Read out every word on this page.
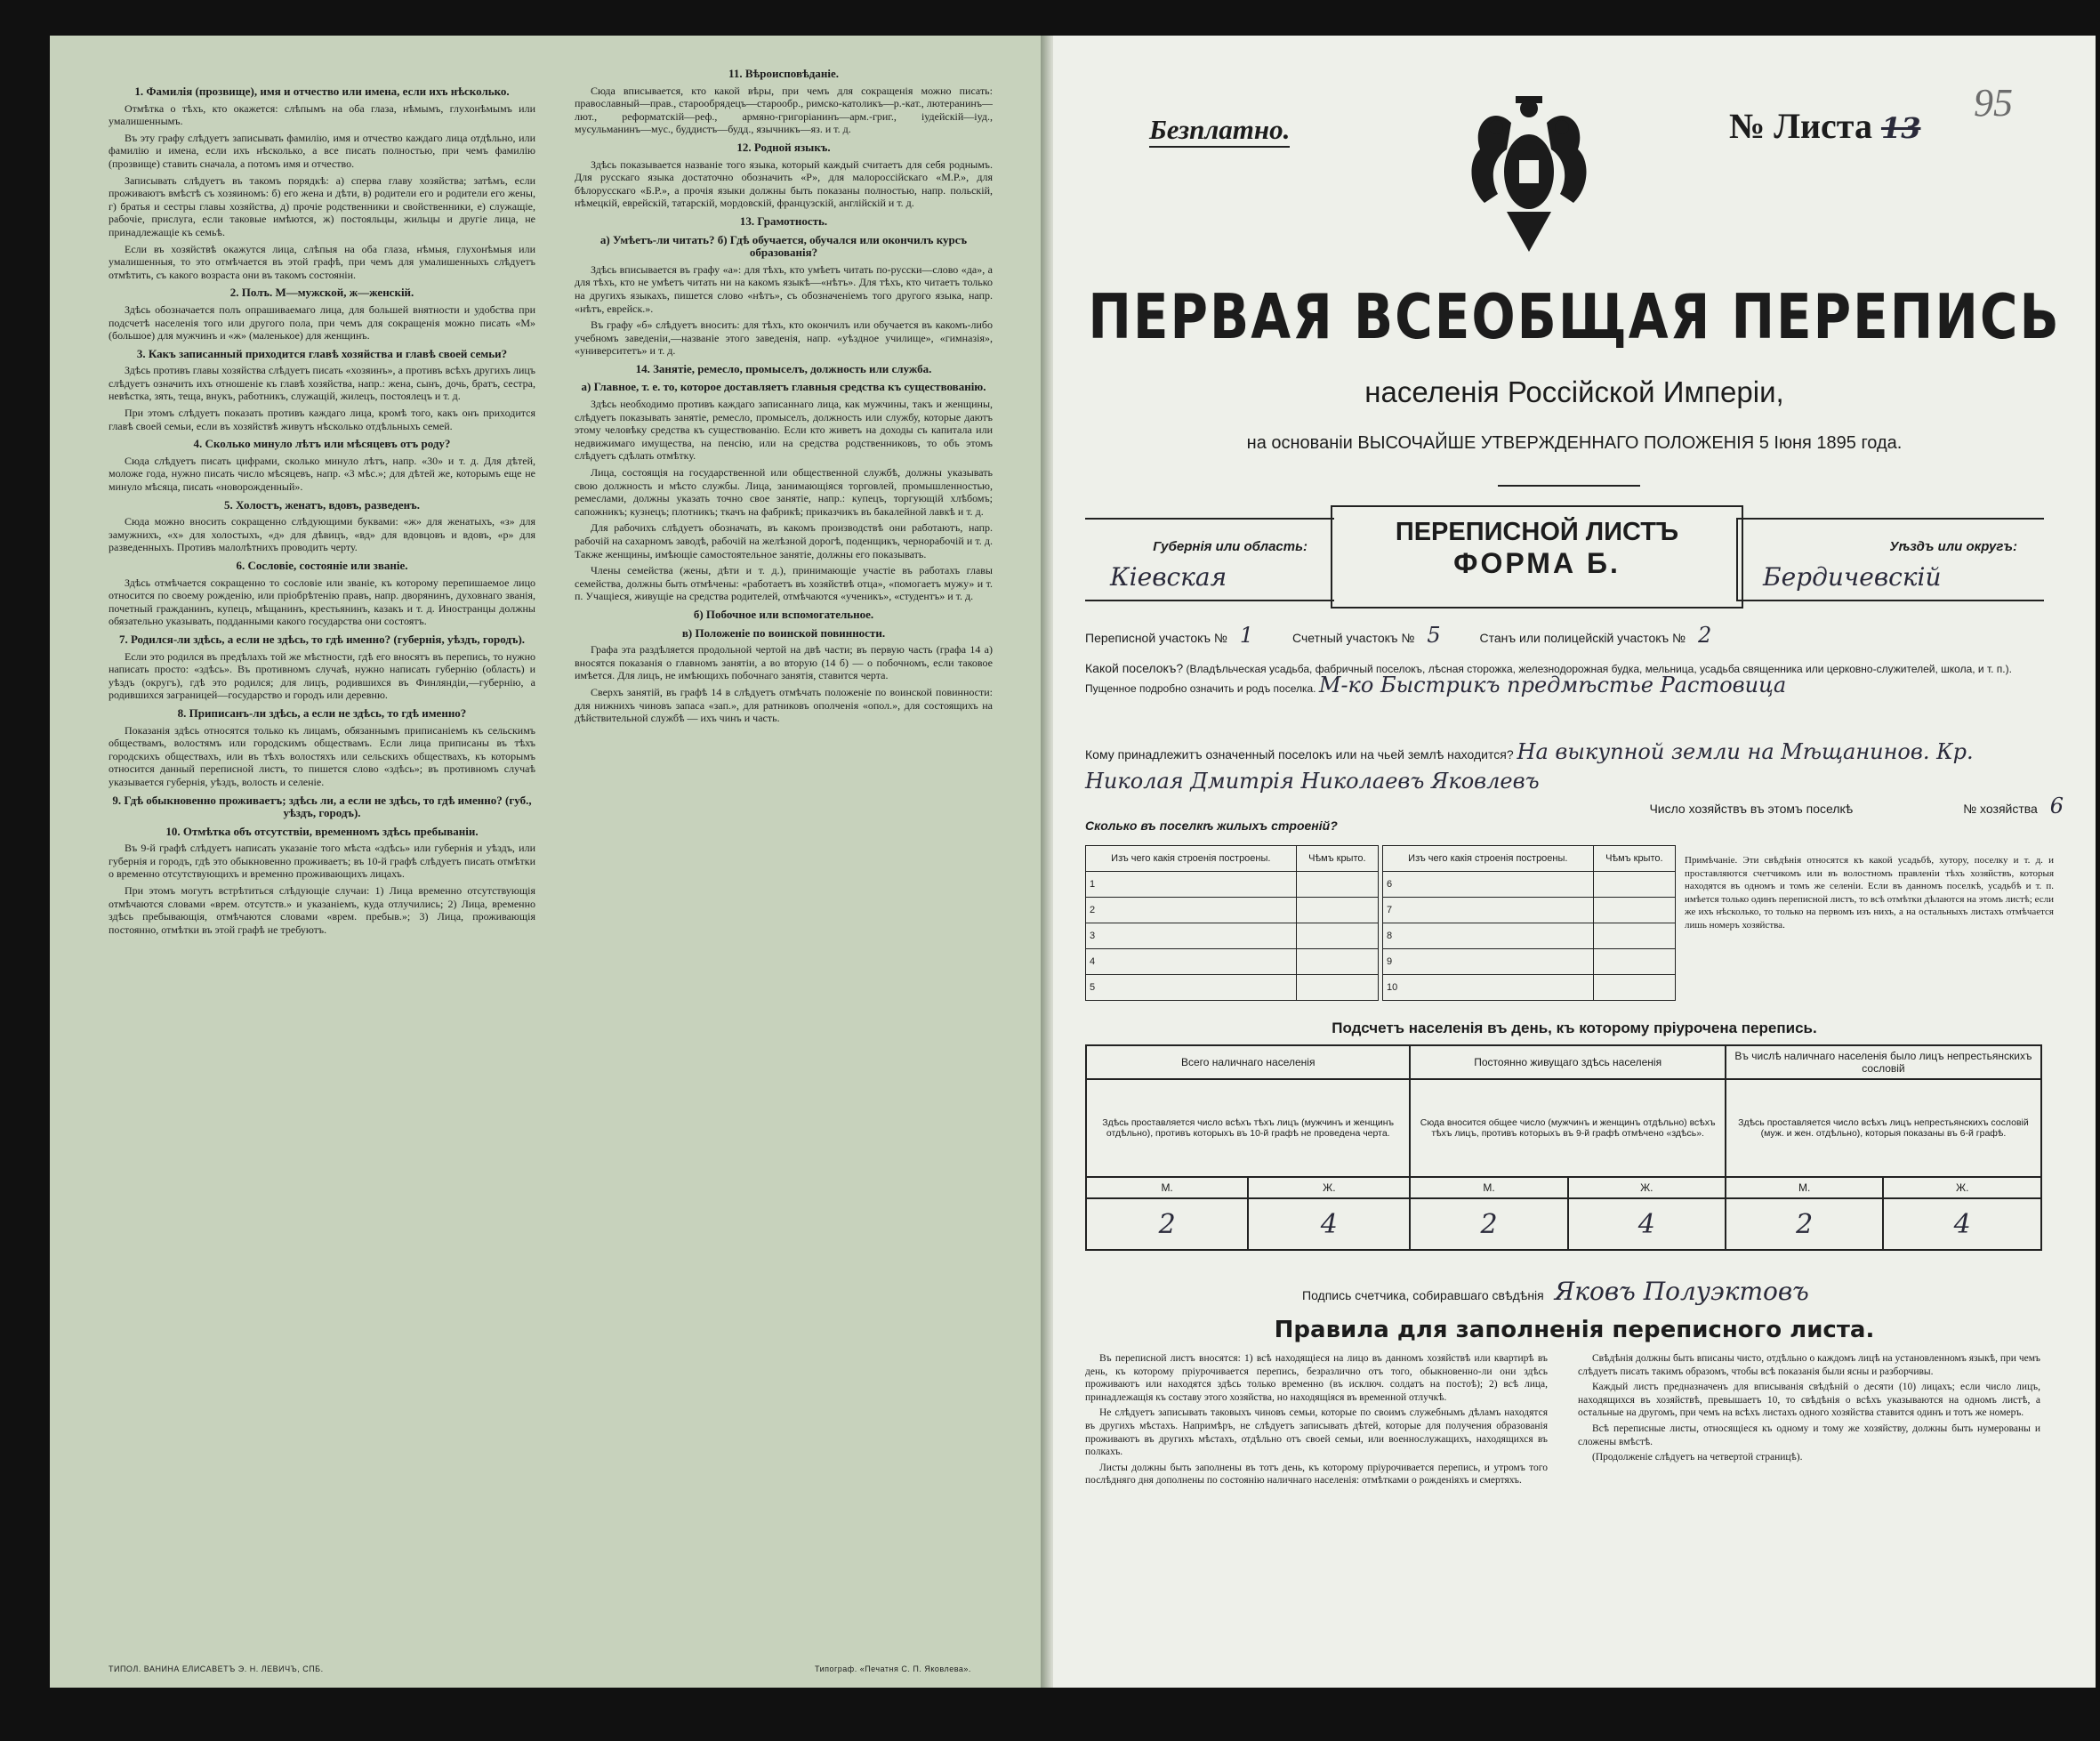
1. Фамилія (прозвище), имя и отчество или имена, если ихъ нѣсколько.

Отмѣтка о тѣхъ, кто окажется: слѣпымъ на оба глаза, нѣмымъ, глухонѣмымъ или умалишеннымъ.

Въ эту графу слѣдуетъ записывать фамилію, имя и отчество каждаго лица отдѣльно, или фамилію и имена, если ихъ нѣсколько, а все писать полностью, при чемъ фамилію (прозвище) ставить сначала, а потомъ имя и отчество.

Записывать слѣдуетъ въ такомъ порядкѣ: а) сперва главу хозяйства; затѣмъ, если проживаютъ вмѣстѣ съ хозяиномъ: б) его жена и дѣти, в) родители его и родители его жены, г) братья и сестры главы хозяйства, д) прочіе родственники и свойственники, е) служащіе, рабочіе, прислуга, если таковые имѣются, ж) постояльцы, жильцы и другіе лица, не принадлежащіе къ семьѣ.

Если въ хозяйствѣ окажутся лица, слѣпыя на оба глаза, нѣмыя, глухонѣмыя или умалишенныя, то это отмѣчается въ этой графѣ, при чемъ для умалишенныхъ слѣдуетъ отмѣтить, съ какого возраста они въ такомъ состояніи.

2. Полъ. М—мужской, ж—женскій.

Здѣсь обозначается полъ опрашиваемаго лица, для большей внятности и удобства при подсчетѣ населенія того или другого пола, при чемъ для сокращенія можно писать «М» (большое) для мужчинъ и «ж» (маленькое) для женщинъ.

3. Какъ записанный приходится главѣ хозяйства и главѣ своей семьи?

Здѣсь противъ главы хозяйства слѣдуетъ писать «хозяинъ», а противъ всѣхъ другихъ лицъ слѣдуетъ означить ихъ отношеніе къ главѣ хозяйства, напр.: жена, сынъ, дочь, братъ, сестра, невѣстка, зять, теща, внукъ, работникъ, служащій, жилецъ, постоялецъ и т. д.

При этомъ слѣдуетъ показать противъ каждаго лица, кромѣ того, какъ онъ приходится главѣ своей семьи, если въ хозяйствѣ живутъ нѣсколько отдѣльныхъ семей.

4. Сколько минуло лѣтъ или мѣсяцевъ отъ роду?

Сюда слѣдуетъ писать цифрами, сколько минуло лѣтъ, напр. «30» и т. д. Для дѣтей, моложе года, нужно писать число мѣсяцевъ, напр. «3 мѣс.»; для дѣтей же, которымъ еще не минуло мѣсяца, писать «новорожденный».

5. Холостъ, женатъ, вдовъ, разведенъ.

Сюда можно вносить сокращенно слѣдующими буквами: «ж» для женатыхъ, «з» для замужнихъ, «х» для холостыхъ, «д» для дѣвицъ, «вд» для вдовцовъ и вдовъ, «р» для разведенныхъ. Противъ малолѣтнихъ проводить черту.

6. Сословіе, состояніе или званіе.

Здѣсь отмѣчается сокращенно то сословіе или званіе, къ которому перепишаемое лицо относится по своему рожденію, или пріобрѣтенію правъ, напр. дворянинъ, духовнаго званія, почетный гражданинъ, купецъ, мѣщанинъ, крестьянинъ, казакъ и т. д. Иностранцы должны обязательно указывать, подданными какого государства они состоятъ.

7. Родился-ли здѣсь, а если не здѣсь, то гдѣ именно? (губернія, уѣздъ, городъ).

Если это родился въ предѣлахъ той же мѣстности, гдѣ его вносятъ въ перепись, то нужно написать просто: «здѣсь». Въ противномъ случаѣ, нужно написать губернію (область) и уѣздъ (округъ), гдѣ это родился; для лицъ, родившихся въ Финляндіи,—губернію, а родившихся заграницей—государство и городъ или деревню.

8. Приписанъ-ли здѣсь, а если не здѣсь, то гдѣ именно?

Показанія здѣсь относятся только къ лицамъ, обязаннымъ приписаніемъ къ сельскимъ обществамъ, волостямъ или городскимъ обществамъ. Если лица приписаны въ тѣхъ городскихъ обществахъ, или въ тѣхъ волостяхъ или сельскихъ обществахъ, къ которымъ относится данный переписной листъ, то пишется слово «здѣсь»; въ противномъ случаѣ указывается губернія, уѣздъ, волость и селеніе.

9. Гдѣ обыкновенно проживаетъ; здѣсь ли, а если не здѣсь, то гдѣ именно? (губ., уѣздъ, городъ).
10. Отмѣтка объ отсутствіи, временномъ здѣсь пребываніи.

Въ 9-й графѣ слѣдуетъ написать указаніе того мѣста «здѣсь» или губернія и уѣздъ, или губернія и городъ, гдѣ это обыкновенно проживаетъ; въ 10-й графѣ слѣдуетъ писать отмѣтки о временно отсутствующихъ и временно проживающихъ лицахъ.

При этомъ могутъ встрѣтиться слѣдующіе случаи: 1) Лица временно отсутствующія отмѣчаются словами «врем. отсутств.» и указаніемъ, куда отлучились; 2) Лица, временно здѣсь пребывающія, отмѣчаются словами «врем. пребыв.»; 3) Лица, проживающія постоянно, отмѣтки въ этой графѣ не требуютъ.

11. Вѣроисповѣданіе.

Сюда вписывается, кто какой вѣры, при чемъ для сокращенія можно писать: православный—прав., старообрядецъ—старообр., римско-католикъ—р.-кат., лютеранинъ—лют., реформатскій—реф., армяно-григоріанинъ—арм.-григ., іудейскій—іуд., мусульманинъ—мус., буддистъ—будд., язычникъ—яз. и т. д.

12. Родной языкъ.

Здѣсь показывается названіе того языка, который каждый считаетъ для себя роднымъ. Для русскаго языка достаточно обозначить «Р», для малороссійскаго «М.Р.», для бѣлорусскаго «Б.Р.», а прочія языки должны быть показаны полностью, напр. польскій, нѣмецкій, еврейскій, татарскій, мордовскій, французскій, англійскій и т. д.

13. Грамотность.
а) Умѣетъ-ли читать? б) Гдѣ обучается, обучался или окончилъ курсъ образованія?

Здѣсь вписывается въ графу «а»: для тѣхъ, кто умѣетъ читать по-русски—слово «да», а для тѣхъ, кто не умѣетъ читать ни на какомъ языкѣ—«нѣтъ». Для тѣхъ, кто читаетъ только на другихъ языкахъ, пишется слово «нѣтъ», съ обозначеніемъ того другого языка, напр. «нѣтъ, еврейск.».

Въ графу «б» слѣдуетъ вносить: для тѣхъ, кто окончилъ или обучается въ какомъ-либо учебномъ заведеніи,—названіе этого заведенія, напр. «уѣздное училище», «гимназія», «университетъ» и т. д.

14. Занятіе, ремесло, промыселъ, должность или служба.
а) Главное, т. е. то, которое доставляетъ главныя средства къ существованію.

Здѣсь необходимо противъ каждаго записаннаго лица, как мужчины, такъ и женщины, слѣдуетъ показывать занятіе, ремесло, промыселъ, должность или службу, которые даютъ этому человѣку средства къ существованію. Если кто живетъ на доходы съ капитала или недвижимаго имущества, на пенсію, или на средства родственниковъ, то объ этомъ слѣдуетъ сдѣлать отмѣтку.

Лица, состоящія на государственной или общественной службѣ, должны указывать свою должность и мѣсто службы. Лица, занимающіяся торговлей, промышленностью, ремеслами, должны указать точно свое занятіе, напр.: купецъ, торгующій хлѣбомъ; сапожникъ; кузнецъ; плотникъ; ткачъ на фабрикѣ; приказчикъ въ бакалейной лавкѣ и т. д.

Для рабочихъ слѣдуетъ обозначать, въ какомъ производствѣ они работаютъ, напр. рабочій на сахарномъ заводѣ, рабочій на желѣзной дорогѣ, поденщикъ, чернорабочій и т. д. Также женщины, имѣющіе самостоятельное занятіе, должны его показывать.

Члены семейства (жены, дѣти и т. д.), принимающіе участіе въ работахъ главы семейства, должны быть отмѣчены: «работаетъ въ хозяйствѣ отца», «помогаетъ мужу» и т. п. Учащіеся, живущіе на средства родителей, отмѣчаются «ученикъ», «студентъ» и т. д.

б) Побочное или вспомогательное.
в) Положеніе по воинской повинности.

Графа эта раздѣляется продольной чертой на двѣ части; въ первую часть (графа 14 а) вносятся показанія о главномъ занятіи, а во вторую (14 б) — о побочномъ, если таковое имѣется. Для лицъ, не имѣющихъ побочнаго занятія, ставится черта.

Сверхъ занятій, въ графѣ 14 в слѣдуетъ отмѣчать положеніе по воинской повинности: для нижнихъ чиновъ запаса «зап.», для ратниковъ ополченія «опол.», для состоящихъ на дѣйствительной службѣ — ихъ чинъ и часть.

ТИПОЛ. ВАНИНА ЕЛИСАВЕТЪ Э. Н. ЛЕВИЧЪ, СПБ.	Типограф. «Печатня С. П. Яковлева».
Безплатно.	№ Листа 13
95
ПЕРВАЯ ВСЕОБЩАЯ ПЕРЕПИСЬ
населенія Россійской Имперіи,
на основаніи ВЫСОЧАЙШЕ УТВЕРЖДЕННАГО ПОЛОЖЕНІЯ 5 Іюня 1895 года.
Губернія или область:
Кіевская
ПЕРЕПИСНОЙ ЛИСТЪ
ФОРМА Б.
Уѣздъ или округъ:
Бердичевскій
Переписной участокъ № 1	Счетный участокъ № 5	Станъ или полицейскій участокъ № 2
Какой поселокъ? (Владѣльческая усадьба, фабричный поселокъ, лѣсная сторожка, железнодорожная будка, мельница, усадьба священника или церковно-служителей, школа, и т. п.). Пущенное подробно означить и родъ поселка. М-ко Быстрикъ предмѣстье Растовица
Кому принадлежитъ означенный поселокъ или на чьей землѣ находится? На выкупной земли на Мѣщанинов. Кр. Николая Дмитрія Николаевъ Яковлевъ
Число хозяйствъ въ этомъ поселкѣ	№ хозяйства 6
Сколько въ поселкѣ жилыхъ строеній?
Изъ чего какія строенія построены.	Чѣмъ крыто.
1	
2	
3	
4	
5	
Изъ чего какія строенія построены.	Чѣмъ крыто.
6	
7	
8	
9	
10	
Примѣчаніе. Эти свѣдѣнія относятся къ какой усадьбѣ, хутору, поселку и т. д. и проставляются счетчикомъ или въ волостномъ правленіи тѣхъ хозяйствъ, которыя находятся въ одномъ и томъ же селеніи. Если въ данномъ поселкѣ, усадьбѣ и т. п. имѣется только одинъ переписной листъ, то всѣ отмѣтки дѣлаются на этомъ листѣ; если же ихъ нѣсколько, то только на первомъ изъ нихъ, а на остальныхъ листахъ отмѣчается лишь номеръ хозяйства.
Подсчетъ населенія въ день, къ которому пріурочена перепись.
Всего наличнаго населенія		Постоянно живущаго здѣсь населенія		Въ числѣ наличнаго населенія было лицъ непрестьянскихъ сословій	
Здѣсь проставляется число всѣхъ тѣхъ лицъ (мужчинъ и женщинъ отдѣльно), противъ которыхъ въ 10-й графѣ не проведена черта.		Сюда вносится общее число (мужчинъ и женщинъ отдѣльно) всѣхъ тѣхъ лицъ, противъ которыхъ въ 9-й графѣ отмѣчено «здѣсь».		Здѣсь проставляется число всѣхъ лицъ непрестьянскихъ сословій (муж. и жен. отдѣльно), которыя показаны въ 6-й графѣ.	
М.	Ж.	М.	Ж.	М.	Ж.
2	4	2	4	2	4
Подпись счетчика, собиравшаго свѣдѣнія Яковъ Полуэктовъ
Правила для заполненія переписного листа.

Въ переписной листъ вносятся: 1) всѣ находящіеся на лицо въ данномъ хозяйствѣ или квартирѣ въ день, къ которому пріурочивается перепись, безразлично отъ того, обыкновенно-ли они здѣсь проживаютъ или находятся здѣсь только временно (въ исключ. солдатъ на постоѣ); 2) всѣ лица, принадлежащія къ составу этого хозяйства, но находящіяся въ временной отлучкѣ.

Не слѣдуетъ записывать таковыхъ чиновъ семьи, которые по своимъ служебнымъ дѣламъ находятся въ другихъ мѣстахъ. Напримѣръ, не слѣдуетъ записывать дѣтей, которые для получения образованія проживаютъ въ другихъ мѣстахъ, отдѣльно отъ своей семьи, или военнослужащихъ, находящихся въ полкахъ.

Листы должны быть заполнены въ тотъ день, къ которому пріурочивается перепись, и утромъ того послѣдняго дня дополнены по состоянію наличнаго населенія: отмѣтками о рожденіяхъ и смертяхъ.

Свѣдѣнія должны быть вписаны чисто, отдѣльно о каждомъ лицѣ на установленномъ языкѣ, при чемъ слѣдуетъ писать такимъ образомъ, чтобы всѣ показанія были ясны и разборчивы.

Каждый листъ предназначенъ для вписыванія свѣдѣній о десяти (10) лицахъ; если число лицъ, находящихся въ хозяйствѣ, превышаетъ 10, то свѣдѣнія о всѣхъ указываются на одномъ листѣ, а остальные на другомъ, при чемъ на всѣхъ листахъ одного хозяйства ставится одинъ и тотъ же номеръ.

Всѣ переписные листы, относящіеся къ одному и тому же хозяйству, должны быть нумерованы и сложены вмѣстѣ.

(Продолженіе слѣдуетъ на четвертой страницѣ).
